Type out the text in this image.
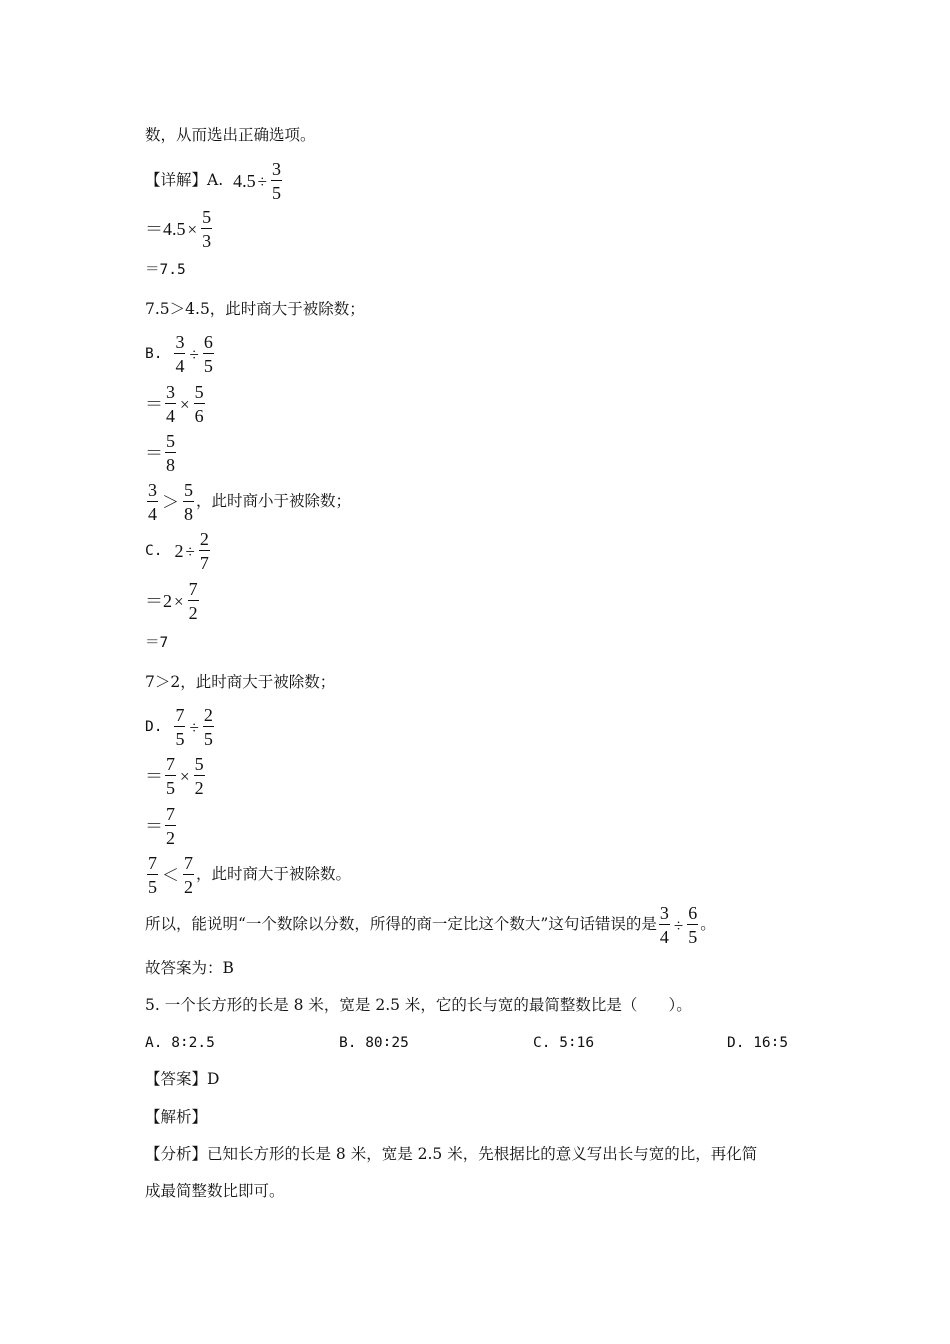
数，从而选出正确选项。
【详解】A. $4.5 \div \frac{3}{5}$
$=4.5 \times \frac{5}{3}$
＝7.5
7.5＞4.5，此时商大于被除数；
B. $\frac{3}{4} \div \frac{6}{5}$
＝ $\frac{3}{4} \times \frac{5}{6}$
＝ $\frac{5}{8}$
$\frac{3}{4} > \frac{5}{8}$ ，此时商小于被除数；
C. $2 \div \frac{2}{7}$
$=2 \times \frac{7}{2}$
＝7
7＞2，此时商大于被除数；
D. $\frac{7}{5} \div \frac{2}{5}$
＝ $\frac{7}{5} \times \frac{5}{2}$
＝ $\frac{7}{2}$
$\frac{7}{5} < \frac{7}{2}$ ，此时商大于被除数。
所以，能说明“一个数除以分数，所得的商一定比这个数大”这句话错误的是 $\frac{3}{4} \div \frac{6}{5}$ 。
故答案为：B
5. 一个长方形的长是 8 米，宽是 2.5 米，它的长与宽的最简整数比是（　　）。
A. 8∶2.5	B. 80∶25	C. 5∶16	D. 16∶5
【答案】D
【解析】
【分析】已知长方形的长是 8 米，宽是 2.5 米，先根据比的意义写出长与宽的比，再化简
成最简整数比即可。
